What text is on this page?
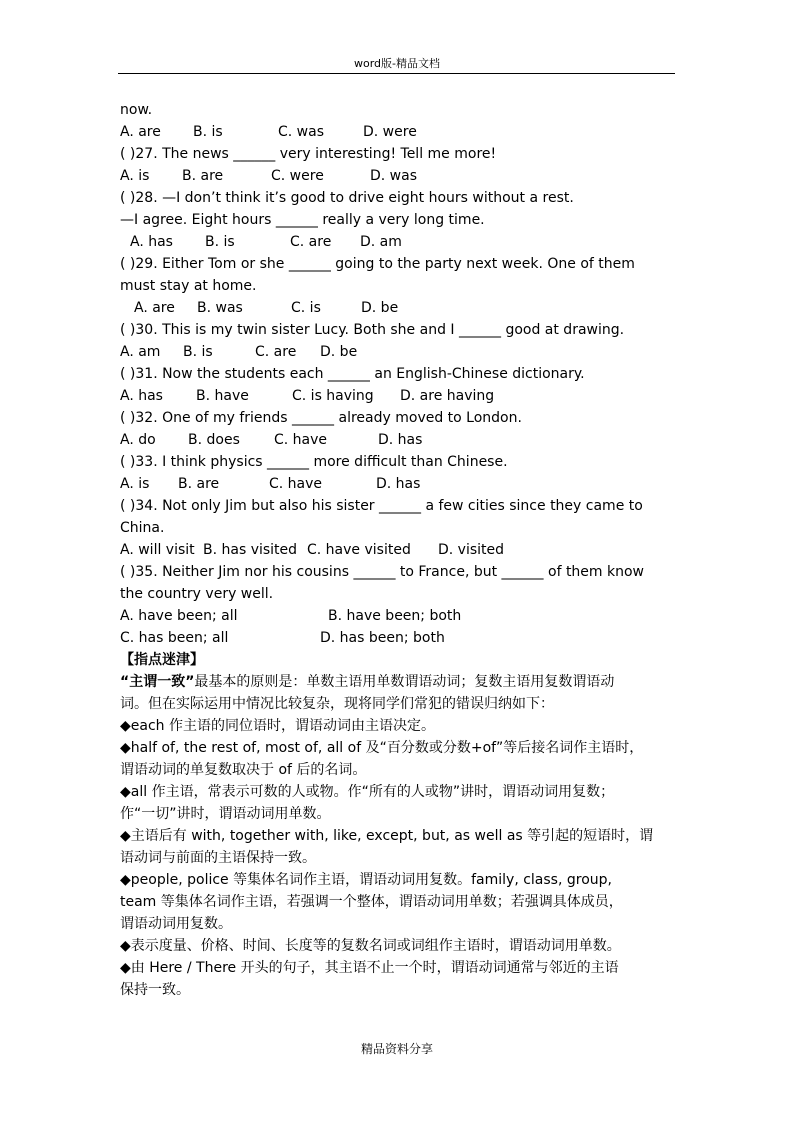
word版-精品文档
now.
A. are B. is	C. was	D. were
( )27. The news ______ very interesting! Tell me more!
A. is B. are	C. were	D. was
( )28. —I don’t think it’s good to drive eight hours without a rest.
—I agree. Eight hours ______ really a very long time.
A. has B. is	C. are D. am
( )29. Either Tom or she ______ going to the party next week. One of them
must stay at home.
A. are B. was	C. is	D. be
( )30. This is my twin sister Lucy. Both she and I ______ good at drawing.
A. am B. is	C. are D. be
( )31. Now the students each ______ an English-Chinese dictionary.
A. has B. have	C. is having D. are having
( )32. One of my friends ______ already moved to London.
A. do B. does C. have	D. has
( )33. I think physics ______ more difficult than Chinese.
A. is B. are	C. have	D. has
( )34. Not only Jim but also his sister ______ a few cities since they came to
China.
A. will visit B. has visited C. have visited D. visited
( )35. Neither Jim nor his cousins ______ to France, but ______ of them know
the country very well.
A. have been; all	B. have been; both
C. has been; all	D. has been; both
【指点迷津】
“主谓一致”最基本的原则是：单数主语用单数谓语动词；复数主语用复数谓语动
词。但在实际运用中情况比较复杂，现将同学们常犯的错误归纳如下：
◆each 作主语的同位语时，谓语动词由主语决定。
◆half of, the rest of, most of, all of 及“百分数或分数+of”等后接名词作主语时，
谓语动词的单复数取决于 of 后的名词。
◆all 作主语，常表示可数的人或物。作“所有的人或物”讲时，谓语动词用复数；
作“一切”讲时，谓语动词用单数。
◆主语后有 with, together with, like, except, but, as well as 等引起的短语时，谓
语动词与前面的主语保持一致。
◆people, police 等集体名词作主语，谓语动词用复数。family, class, group,
team 等集体名词作主语，若强调一个整体，谓语动词用单数；若强调具体成员，
谓语动词用复数。
◆表示度量、价格、时间、长度等的复数名词或词组作主语时，谓语动词用单数。
◆由 Here / There 开头的句子，其主语不止一个时，谓语动词通常与邻近的主语
保持一致。
精品资料分享
